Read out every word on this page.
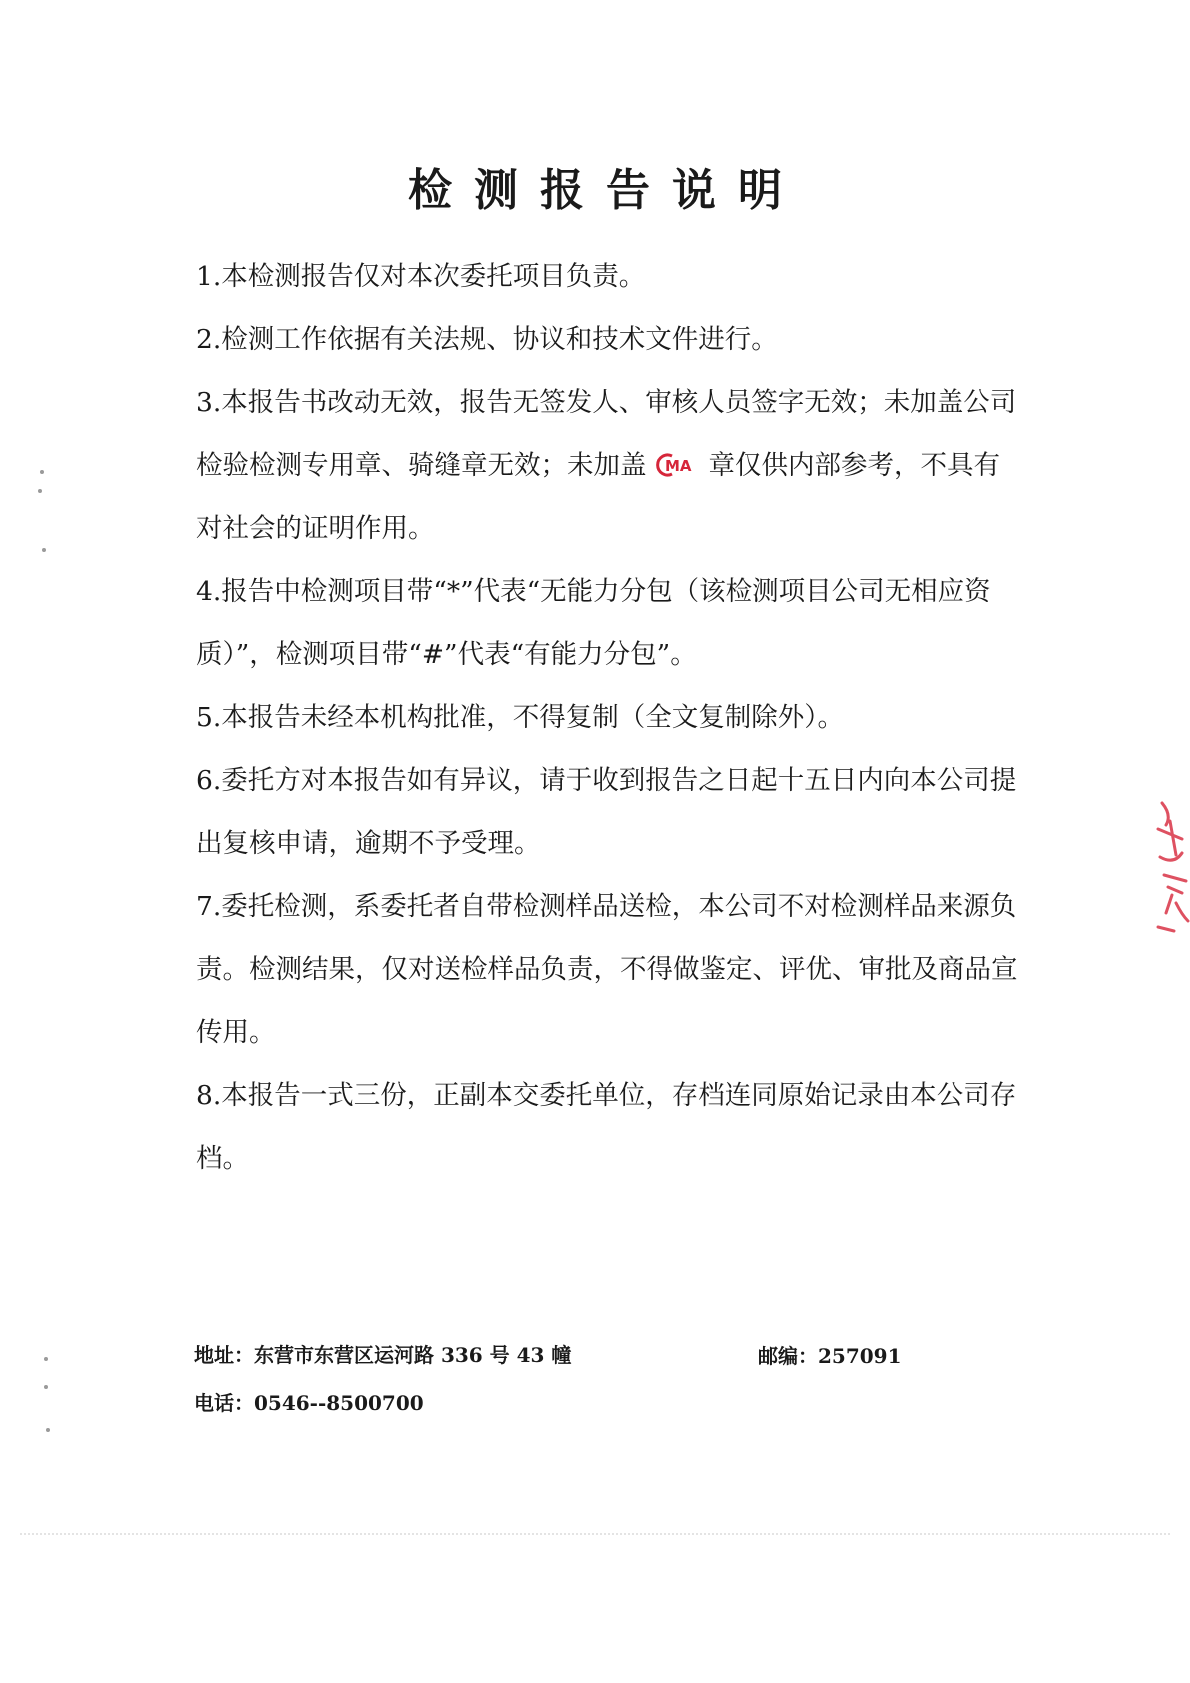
检测报告说明

1.本检测报告仅对本次委托项目负责。

2.检测工作依据有关法规、协议和技术文件进行。

3.本报告书改动无效，报告无签发人、审核人员签字无效；未加盖公司检验检测专用章、骑缝章无效；未加盖 MA 章仅供内部参考，不具有对社会的证明作用。

4.报告中检测项目带“*”代表“无能力分包（该检测项目公司无相应资质）”，检测项目带“#”代表“有能力分包”。

5.本报告未经本机构批准，不得复制（全文复制除外）。

6.委托方对本报告如有异议，请于收到报告之日起十五日内向本公司提出复核申请，逾期不予受理。

7.委托检测，系委托者自带检测样品送检，本公司不对检测样品来源负责。检测结果，仅对送检样品负责，不得做鉴定、评优、审批及商品宣传用。

8.本报告一式三份，正副本交委托单位，存档连同原始记录由本公司存档。

地址：东营市东营区运河路 336 号 43 幢	邮编：257091
电话：0546--8500700
